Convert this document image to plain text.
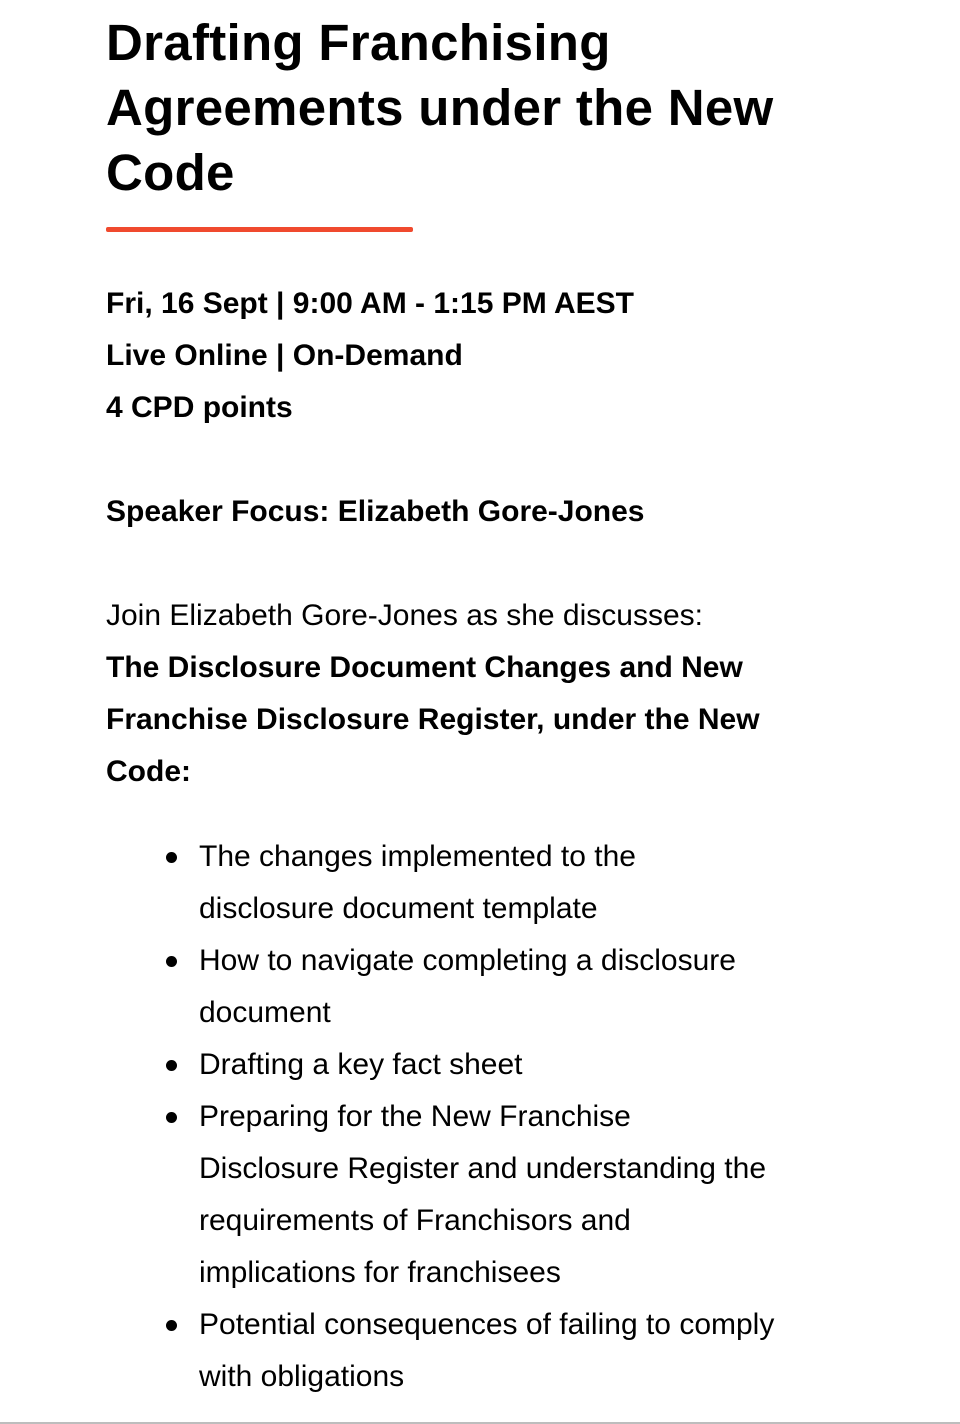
Drafting Franchising Agreements under the New Code
Fri, 16 Sept | 9:00 AM - 1:15 PM AEST
Live Online | On-Demand
4 CPD points
Speaker Focus: Elizabeth Gore-Jones
Join Elizabeth Gore-Jones as she discusses:
The Disclosure Document Changes and New Franchise Disclosure Register, under the New Code:
The changes implemented to the disclosure document template
How to navigate completing a disclosure document
Drafting a key fact sheet
Preparing for the New Franchise Disclosure Register and understanding the requirements of Franchisors and implications for franchisees
Potential consequences of failing to comply with obligations
